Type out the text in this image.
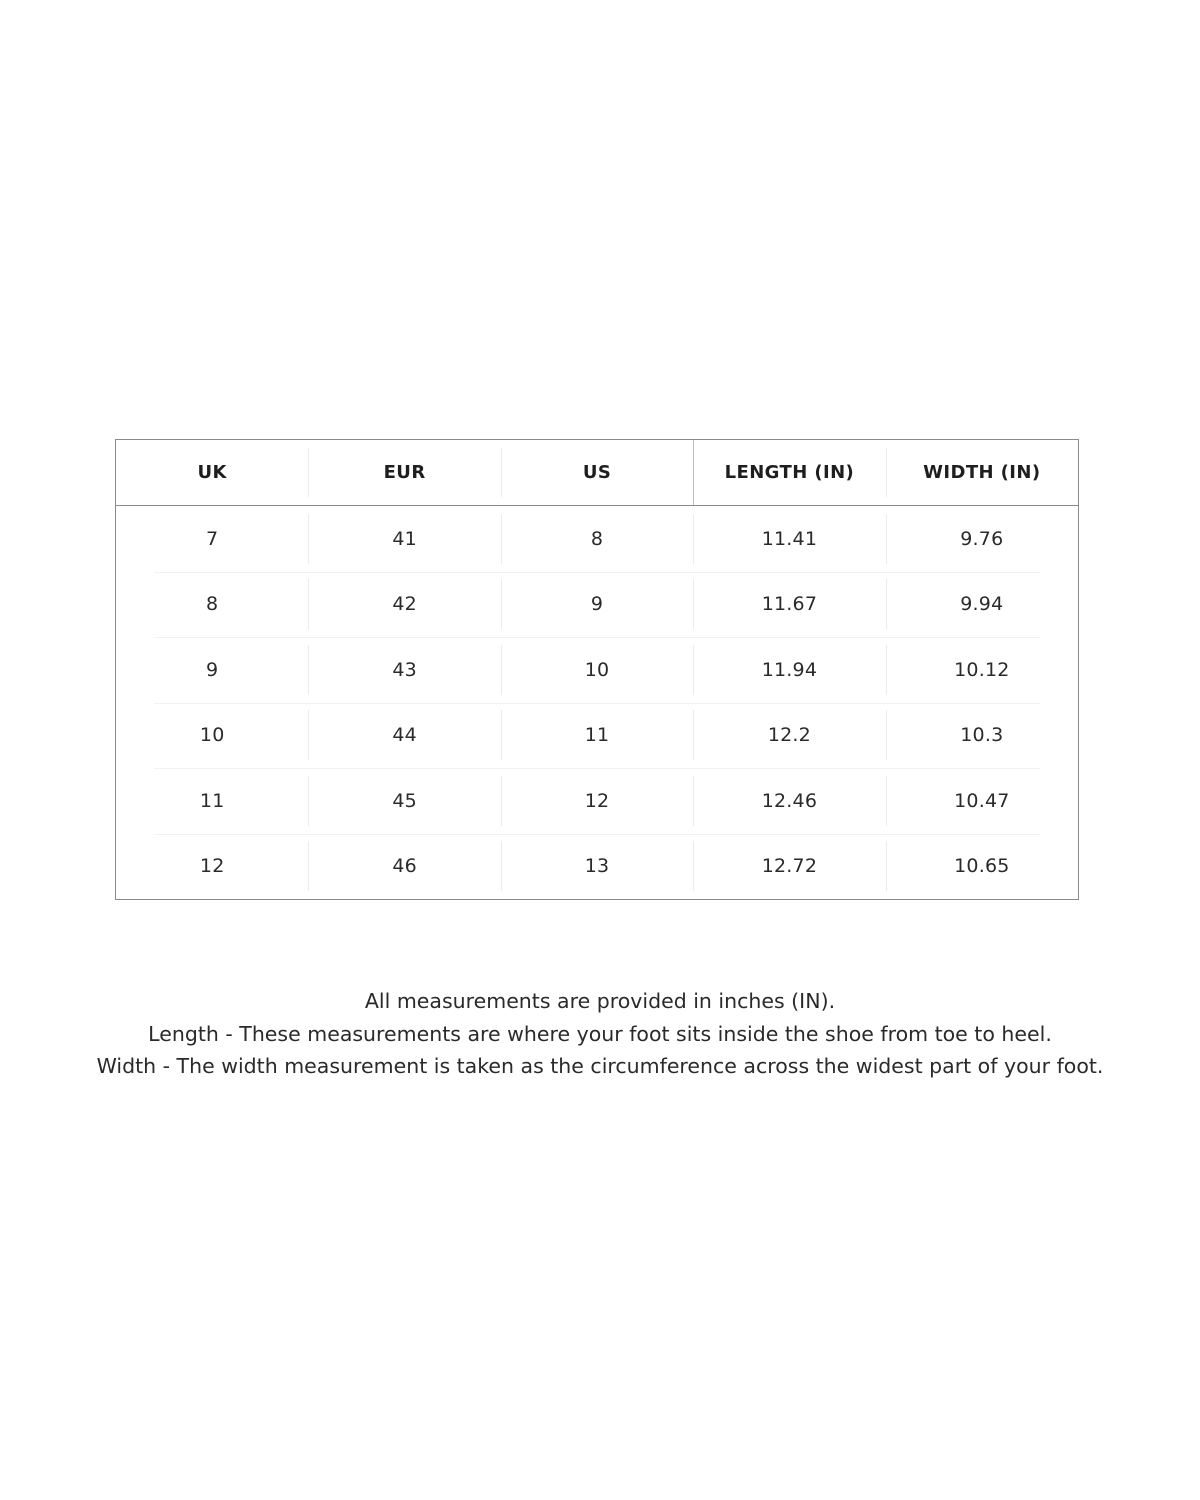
UK	EUR	US	LENGTH (IN)	WIDTH (IN)
7	41	8	11.41	9.76
8	42	9	11.67	9.94
9	43	10	11.94	10.12
10	44	11	12.2	10.3
11	45	12	12.46	10.47
12	46	13	12.72	10.65

All measurements are provided in inches (IN).

Length - These measurements are where your foot sits inside the shoe from toe to heel.

Width - The width measurement is taken as the circumference across the widest part of your foot.
